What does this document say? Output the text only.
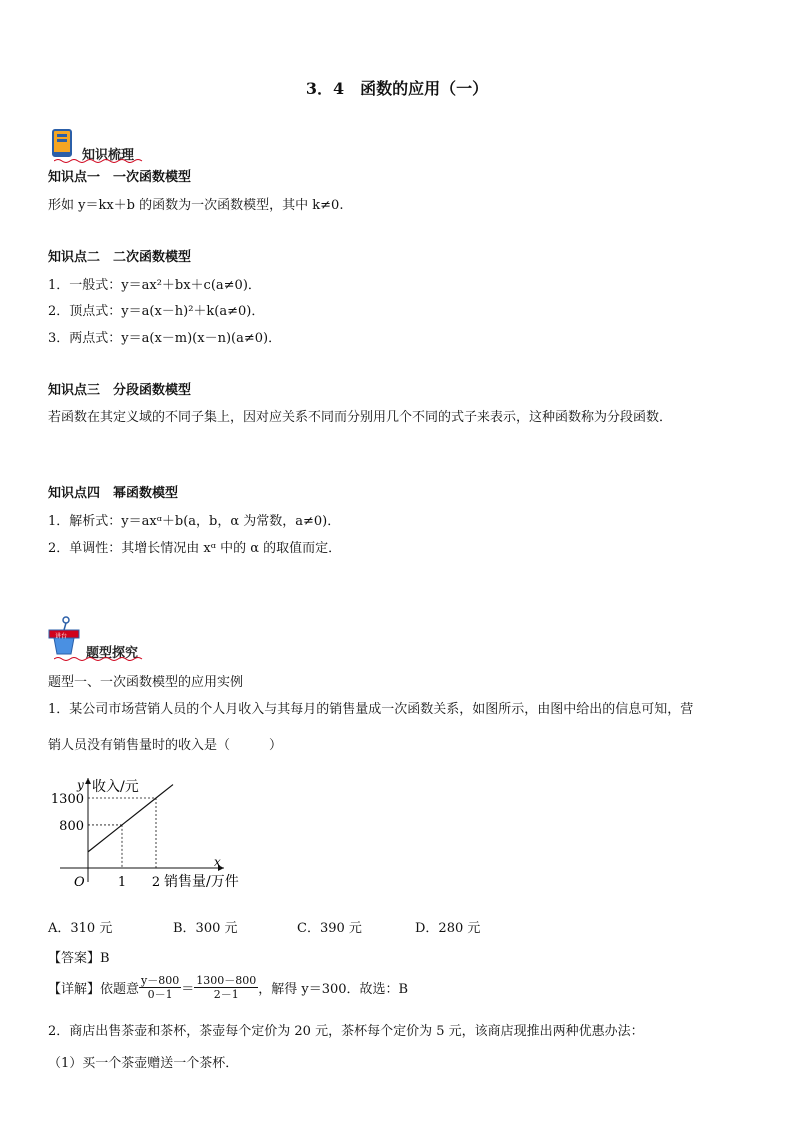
3．4　函数的应用（一）
知识梳理
知识点一　一次函数模型
形如 y＝kx＋b 的函数为一次函数模型，其中 k≠0.
知识点二　二次函数模型
1．一般式：y＝ax²＋bx＋c(a≠0)．
2．顶点式：y＝a(x－h)²＋k(a≠0)．
3．两点式：y＝a(x－m)(x－n)(a≠0)．
知识点三　分段函数模型
若函数在其定义域的不同子集上，因对应关系不同而分别用几个不同的式子来表示，这种函数称为分段函数．
知识点四　幂函数模型
1．解析式：y＝axᵅ＋b(a，b，α 为常数，a≠0)．
2．单调性：其增长情况由 xᵅ 中的 α 的取值而定．
讲台
题型探究
题型一、一次函数模型的应用实例
1．某公司市场营销人员的个人月收入与其每月的销售量成一次函数关系，如图所示，由图中给出的信息可知，营
销人员没有销售量时的收入是（　　　）
800
1300
1 2
收入/元
销售量/万件
y
x
O
A．310 元	B．300 元	C．390 元	D．280 元
【答案】B
【详解】依题意 $\frac{y-800}{0-1} = \frac{1300-800}{2-1}$ ，解得 y＝300．故选：B
2．商店出售茶壶和茶杯，茶壶每个定价为 20 元，茶杯每个定价为 5 元，该商店现推出两种优惠办法：
（1）买一个茶壶赠送一个茶杯．
